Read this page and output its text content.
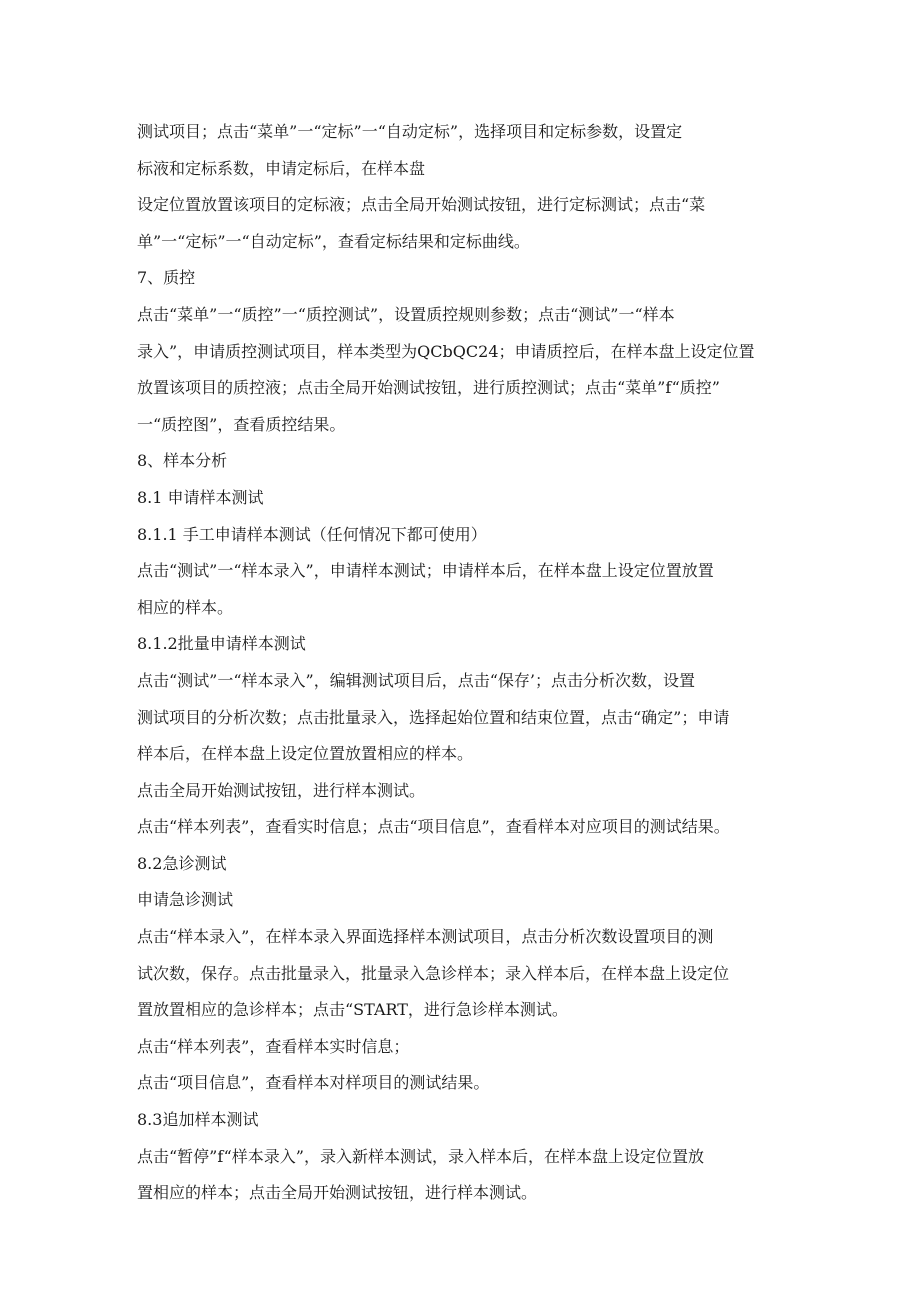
测试项目；点击“菜单”一“定标”一“自动定标”，选择项目和定标参数，设置定
标液和定标系数，申请定标后，在样本盘
设定位置放置该项目的定标液；点击全局开始测试按钮，进行定标测试；点击“菜
单”一“定标”一“自动定标”，查看定标结果和定标曲线。
7、质控
点击“菜单”一“质控”一“质控测试”，设置质控规则参数；点击“测试”一“样本
录入”，申请质控测试项目，样本类型为QCbQC24；申请质控后，在样本盘上设定位置
放置该项目的质控液；点击全局开始测试按钮，进行质控测试；点击“菜单”f“质控”
一“质控图”，查看质控结果。
8、样本分析
8.1 申请样本测试
8.1.1 手工申请样本测试（任何情况下都可使用）
点击“测试”一“样本录入”，申请样本测试；申请样本后，在样本盘上设定位置放置
相应的样本。
8.1.2批量申请样本测试
点击“测试”一“样本录入”，编辑测试项目后，点击“保存’；点击分析次数，设置
测试项目的分析次数；点击批量录入，选择起始位置和结束位置，点击“确定”；申请
样本后，在样本盘上设定位置放置相应的样本。
点击全局开始测试按钮，进行样本测试。
点击“样本列表”，查看实时信息；点击“项目信息”，查看样本对应项目的测试结果。
8.2急诊测试
申请急诊测试
点击“样本录入”，在样本录入界面选择样本测试项目，点击分析次数设置项目的测
试次数，保存。点击批量录入，批量录入急诊样本；录入样本后，在样本盘上设定位
置放置相应的急诊样本；点击“START，进行急诊样本测试。
点击“样本列表”，查看样本实时信息；
点击“项目信息”，查看样本对样项目的测试结果。
8.3追加样本测试
点击“暂停”f“样本录入”，录入新样本测试，录入样本后，在样本盘上设定位置放
置相应的样本；点击全局开始测试按钮，进行样本测试。
